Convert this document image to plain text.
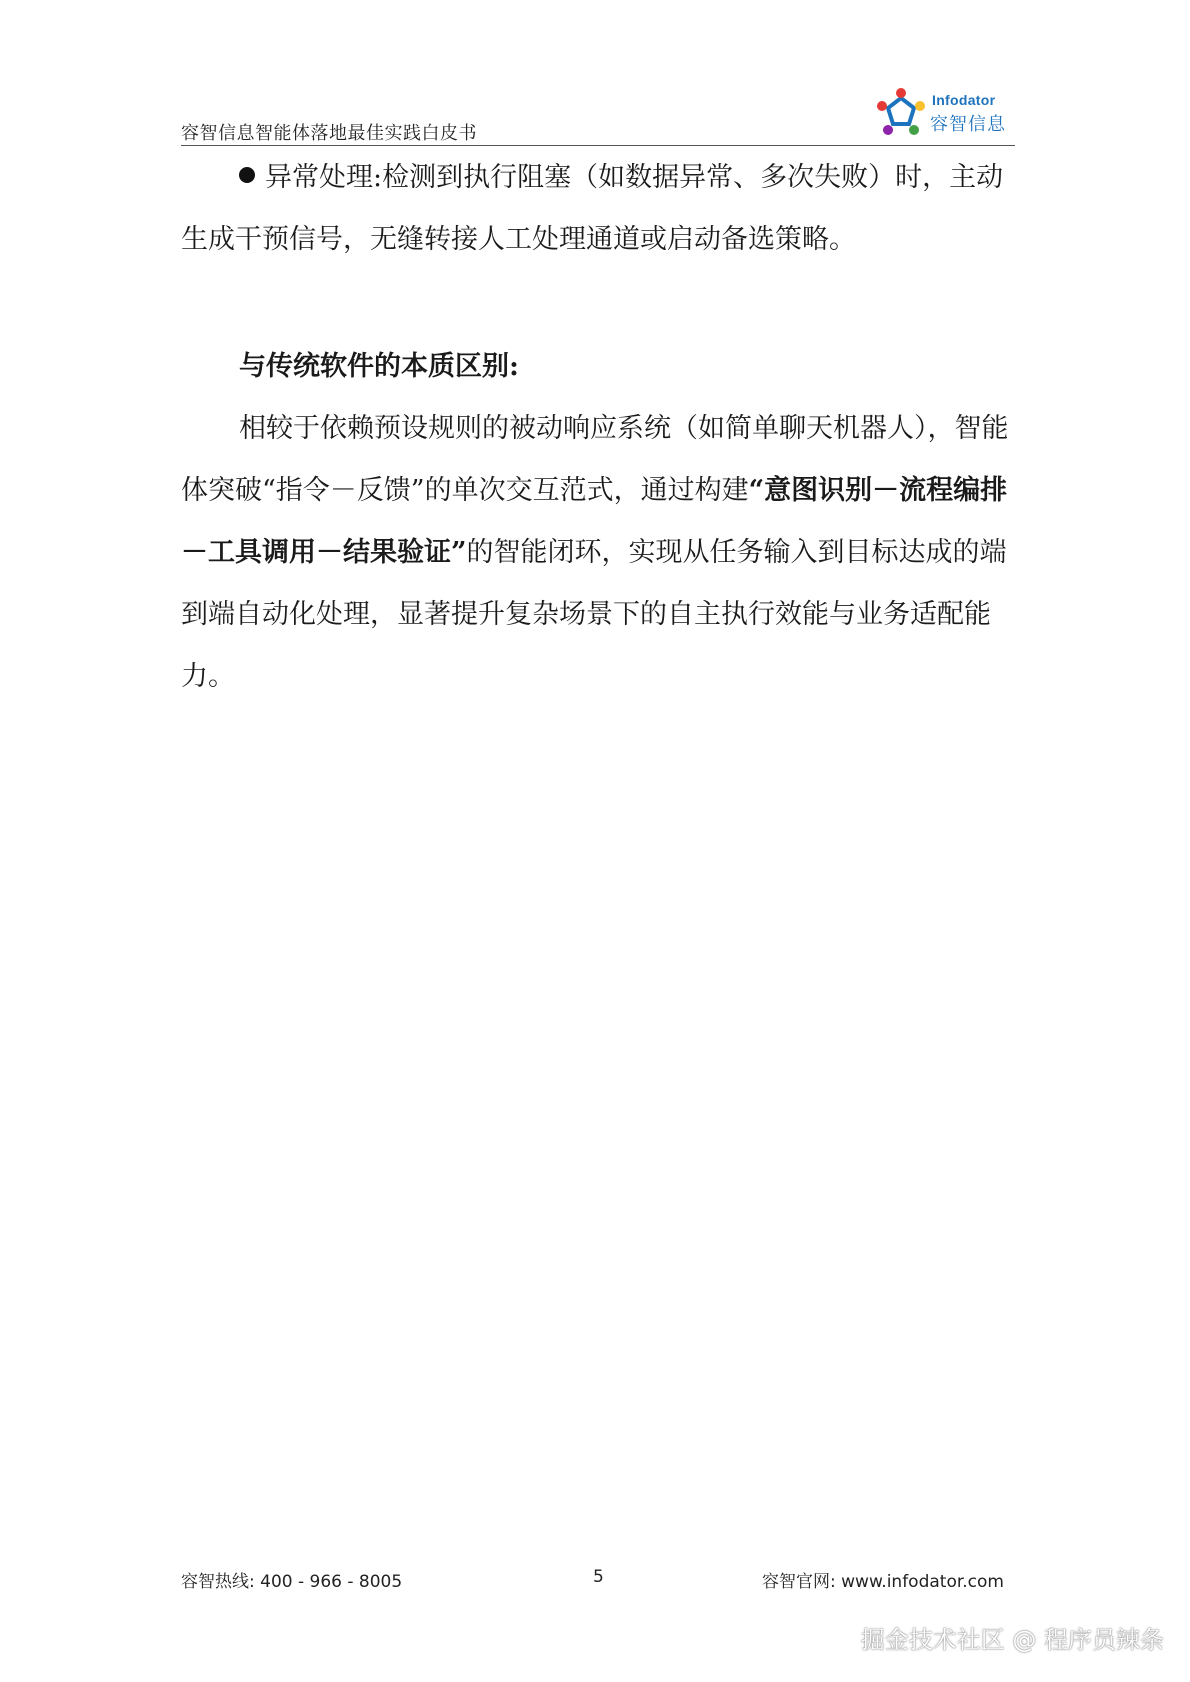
容智信息智能体落地最佳实践白皮书
Infodator
容智信息

异常处理:检测到执行阻塞（如数据异常、多次失败）时，主动生成干预信号，无缝转接人工处理通道或启动备选策略。

与传统软件的本质区别:

相较于依赖预设规则的被动响应系统（如简单聊天机器人），智能体突破“指令－反馈”的单次交互范式，通过构建“意图识别－流程编排－工具调用－结果验证”的智能闭环，实现从任务输入到目标达成的端到端自动化处理，显著提升复杂场景下的自主执行效能与业务适配能力。

容智热线: 400 - 966 - 8005	5	容智官网: www.infodator.com
掘金技术社区 @ 程序员辣条
